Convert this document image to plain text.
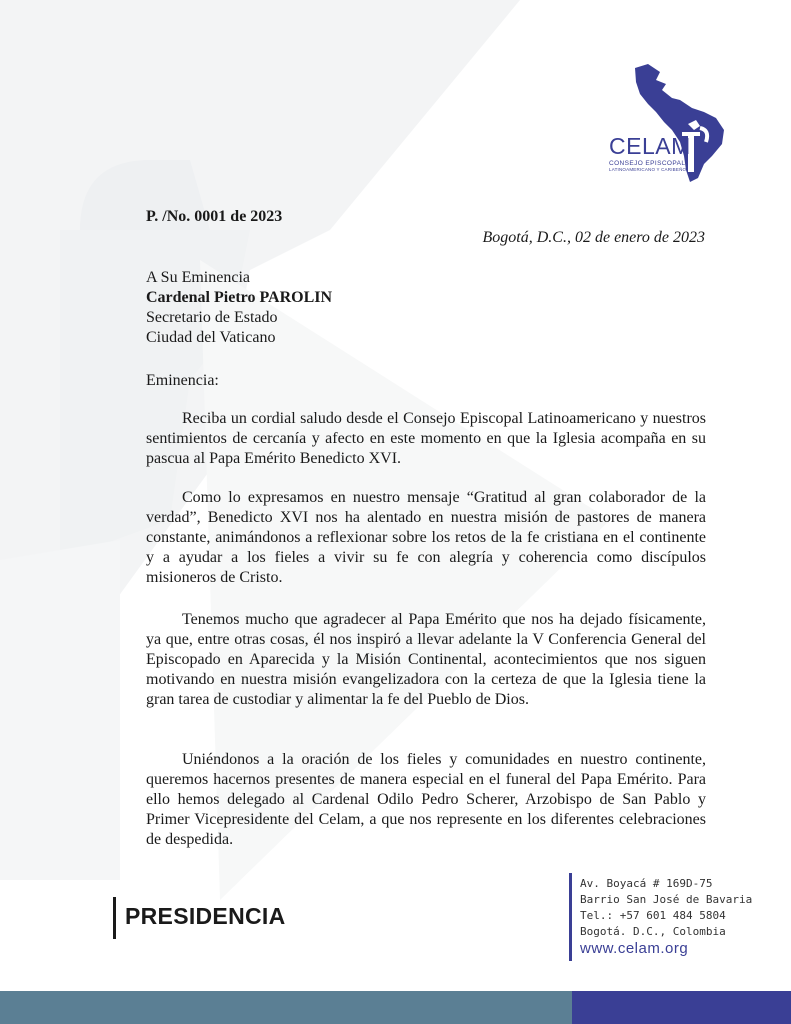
CELAM
CONSEJO EPISCOPAL
LATINOAMERICANO Y CARIBEÑO
P. /No. 0001 de 2023
Bogotá, D.C., 02 de enero de 2023
A Su Eminencia
Cardenal Pietro PAROLIN
Secretario de Estado
Ciudad del Vaticano
Eminencia:
Reciba un cordial saludo desde el Consejo Episcopal Latinoamericano y nuestros sentimientos de cercanía y afecto en este momento en que la Iglesia acompaña en su pascua al Papa Emérito Benedicto XVI.
Como lo expresamos en nuestro mensaje “Gratitud al gran colaborador de la verdad”, Benedicto XVI nos ha alentado en nuestra misión de pastores de manera constante, animándonos a reflexionar sobre los retos de la fe cristiana en el continente y a ayudar a los fieles a vivir su fe con alegría y coherencia como discípulos misioneros de Cristo.
Tenemos mucho que agradecer al Papa Emérito que nos ha dejado físicamente, ya que, entre otras cosas, él nos inspiró a llevar adelante la V Conferencia General del Episcopado en Aparecida y la Misión Continental, acontecimientos que nos siguen motivando en nuestra misión evangelizadora con la certeza de que la Iglesia tiene la gran tarea de custodiar y alimentar la fe del Pueblo de Dios.
Uniéndonos a la oración de los fieles y comunidades en nuestro continente, queremos hacernos presentes de manera especial en el funeral del Papa Emérito. Para ello hemos delegado al Cardenal Odilo Pedro Scherer, Arzobispo de San Pablo y Primer Vicepresidente del Celam, a que nos represente en los diferentes celebraciones de despedida.
PRESIDENCIA
Av. Boyacá # 169D-75
Barrio San José de Bavaria
Tel.: +57 601 484 5804
Bogotá. D.C., Colombia
www.celam.org
